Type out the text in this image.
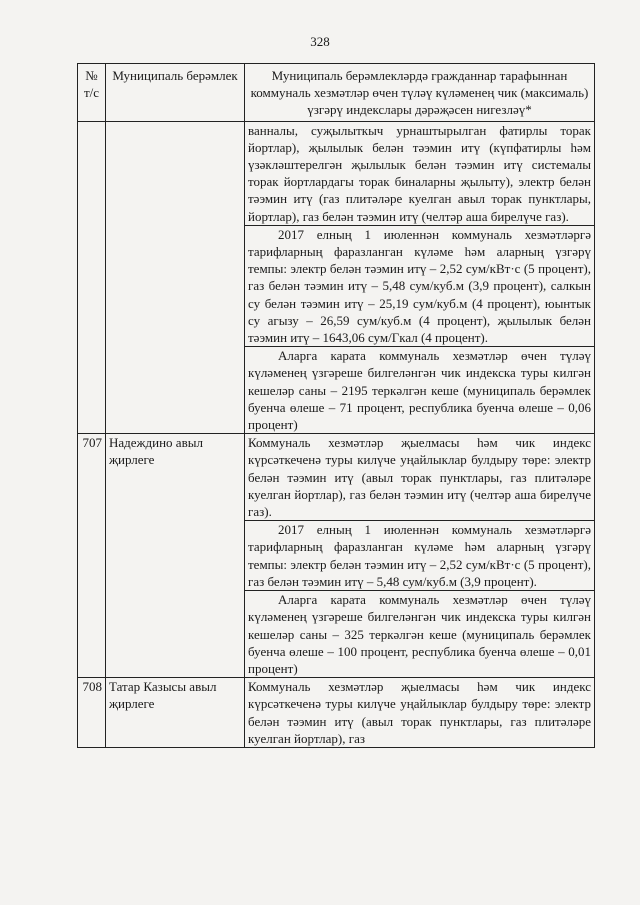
328
№ т/с	Муниципаль берәмлек	Муниципаль берәмлекләрдә гражданнар тарафыннан коммуналь хезмәтләр өчен түләү күләменең чик (максималь) үзгәрү индекслары дәрәҗәсен нигезләү*

		ванналы, суҗылыткыч урнаштырылган фатирлы торак йортлар), җылылык белән тәэмин итү (күпфатирлы һәм үзәкләштерелгән җылылык белән тәэмин итү системалы торак йортлардагы торак биналарны җылыту), электр белән тәэмин итү (газ плитәләре куелган авыл торак пунктлары, йортлар), газ белән тәэмин итү (челтәр аша бирелүче газ).
2017 елның 1 июленнән коммуналь хезмәтләргә тарифларның фаразланган күләме һәм аларның үзгәрү темпы: электр белән тәэмин итү – 2,52 сум/кВт·с (5 процент), газ белән тәэмин итү – 5,48 сум/куб.м (3,9 процент), салкын су белән тәэмин итү – 25,19 сум/куб.м (4 процент), юынтык су агызу – 26,59 сум/куб.м (4 процент), җылылык белән тәэмин итү – 1643,06 сум/Гкал (4 процент).
Аларга карата коммуналь хезмәтләр өчен түләү күләменең үзгәреше билгеләнгән чик индекска туры килгән кешеләр саны – 2195 теркәлгән кеше (муниципаль берәмлек буенча өлеше – 71 процент, республика буенча өлеше – 0,06 процент)

707	Надеждино авыл җирлеге	Коммуналь хезмәтләр җыелмасы һәм чик индекс күрсәткеченә туры килүче уңайлыклар булдыру төре: электр белән тәэмин итү (авыл торак пунктлары, газ плитәләре куелган йортлар), газ белән тәэмин итү (челтәр аша бирелүче газ).
2017 елның 1 июленнән коммуналь хезмәтләргә тарифларның фаразланган күләме һәм аларның үзгәрү темпы: электр белән тәэмин итү – 2,52 сум/кВт·с (5 процент), газ белән тәэмин итү – 5,48 сум/куб.м (3,9 процент).
Аларга карата коммуналь хезмәтләр өчен түләү күләменең үзгәреше билгеләнгән чик индекска туры килгән кешеләр саны – 325 теркәлгән кеше (муниципаль берәмлек буенча өлеше – 100 процент, республика буенча өлеше – 0,01 процент)

708	Татар Казысы авыл җирлеге	Коммуналь хезмәтләр җыелмасы һәм чик индекс күрсәткеченә туры килүче уңайлыклар булдыру төре: электр белән тәэмин итү (авыл торак пунктлары, газ плитәләре куелган йортлар), газ
